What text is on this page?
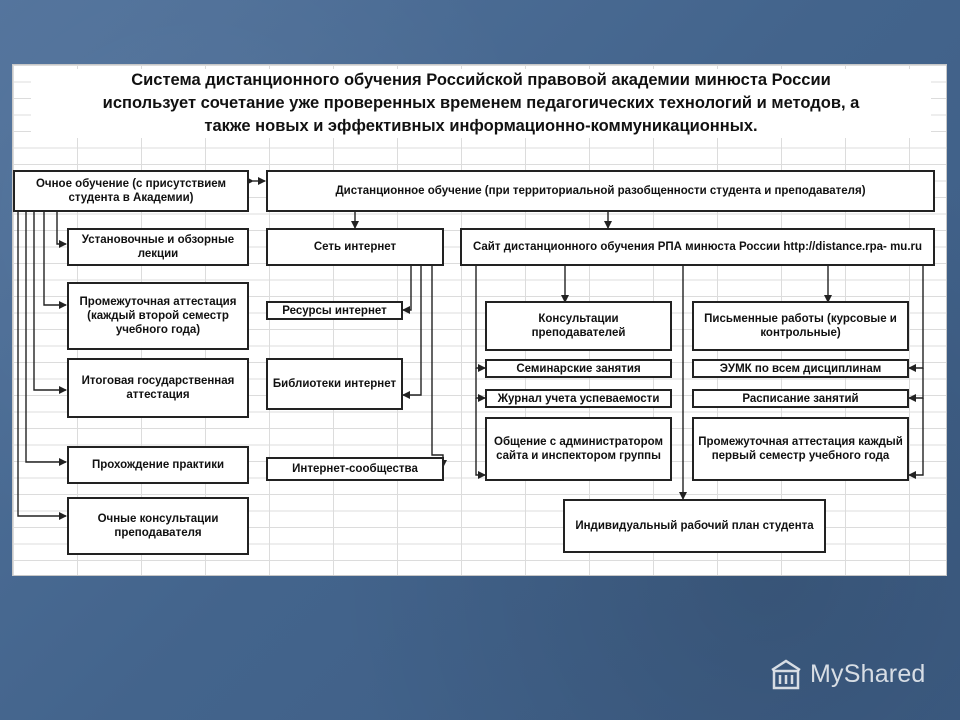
Система дистанционного обучения Российской правовой академии минюста России
использует сочетание уже проверенных временем педагогических технологий и методов, а
также новых и эффективных информационно-коммуникационных.
Очное обучение (с присутствием студента в Академии)
Дистанционное обучение (при территориальной разобщенности студента и преподавателя)
Установочные и обзорные лекции
Промежуточная аттестация (каждый второй семестр учебного года)
Итоговая государственная аттестация
Прохождение практики
Очные консультации преподавателя
Сеть интернет
Ресурсы интернет
Библиотеки интернет
Интернет-сообщества
Сайт дистанционного обучения РПА минюста России http://distance.rpa- mu.ru
Консультации преподавателей
Семинарские занятия
Журнал учета успеваемости
Общение с администратором сайта и инспектором группы
Письменные работы (курсовые и контрольные)
ЭУМК по всем дисциплинам
Расписание занятий
Промежуточная аттестация каждый первый семестр учебного года
Индивидуальный рабочий план студента
MyShared
